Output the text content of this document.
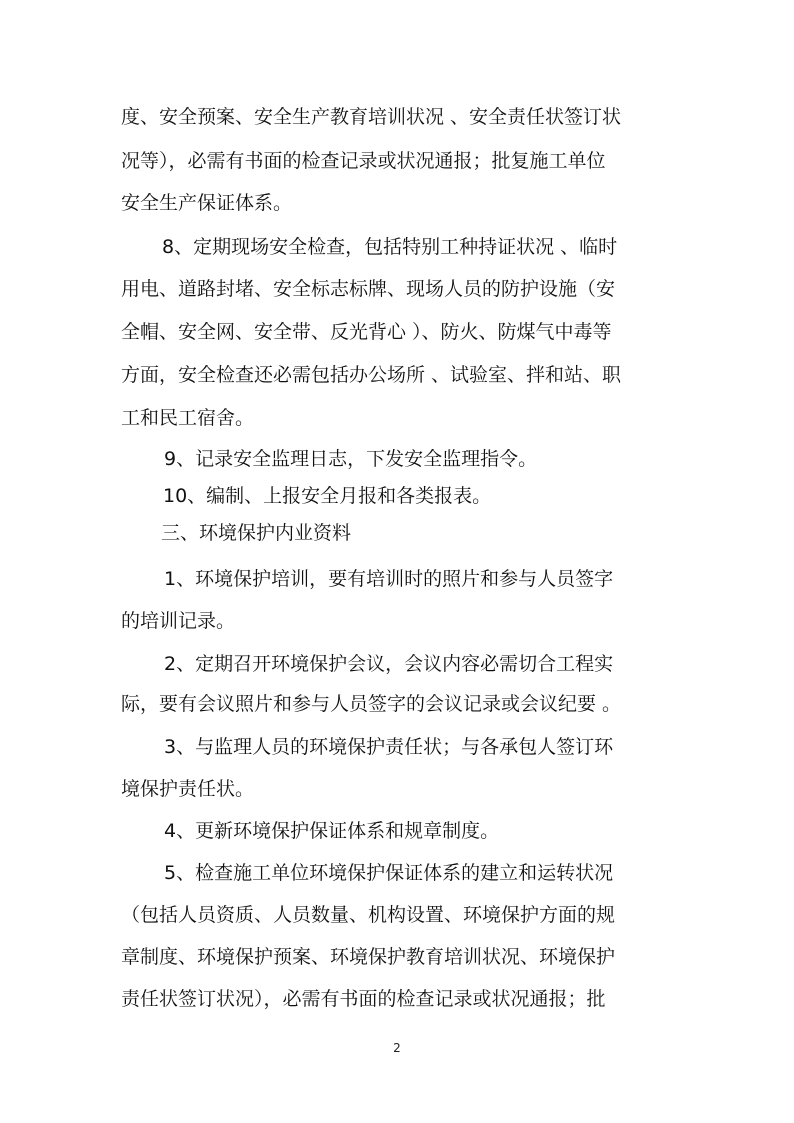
度、安全预案、安全生产教育培训状况 、安全责任状签订状

况等），必需有书面的检查记录或状况通报；批复施工单位

安全生产保证体系。

8、定期现场安全检查，包括特别工种持证状况 、临时

用电、道路封堵、安全标志标牌、现场人员的防护设施（安

全帽、安全网、安全带、反光背心 ）、防火、防煤气中毒等

方面，安全检查还必需包括办公场所 、试验室、拌和站、职

工和民工宿舍。

9、记录安全监理日志，下发安全监理指令。

10、编制、上报安全月报和各类报表。

三、环境保护内业资料

1、环境保护培训，要有培训时的照片和参与人员签字

的培训记录。

2、定期召开环境保护会议，会议内容必需切合工程实

际，要有会议照片和参与人员签字的会议记录或会议纪要 。

3、与监理人员的环境保护责任状；与各承包人签订环

境保护责任状。

4、更新环境保护保证体系和规章制度。

5、检查施工单位环境保护保证体系的建立和运转状况

（包括人员资质、人员数量、机构设置、环境保护方面的规

章制度、环境保护预案、环境保护教育培训状况、环境保护

责任状签订状况），必需有书面的检查记录或状况通报；批

2
